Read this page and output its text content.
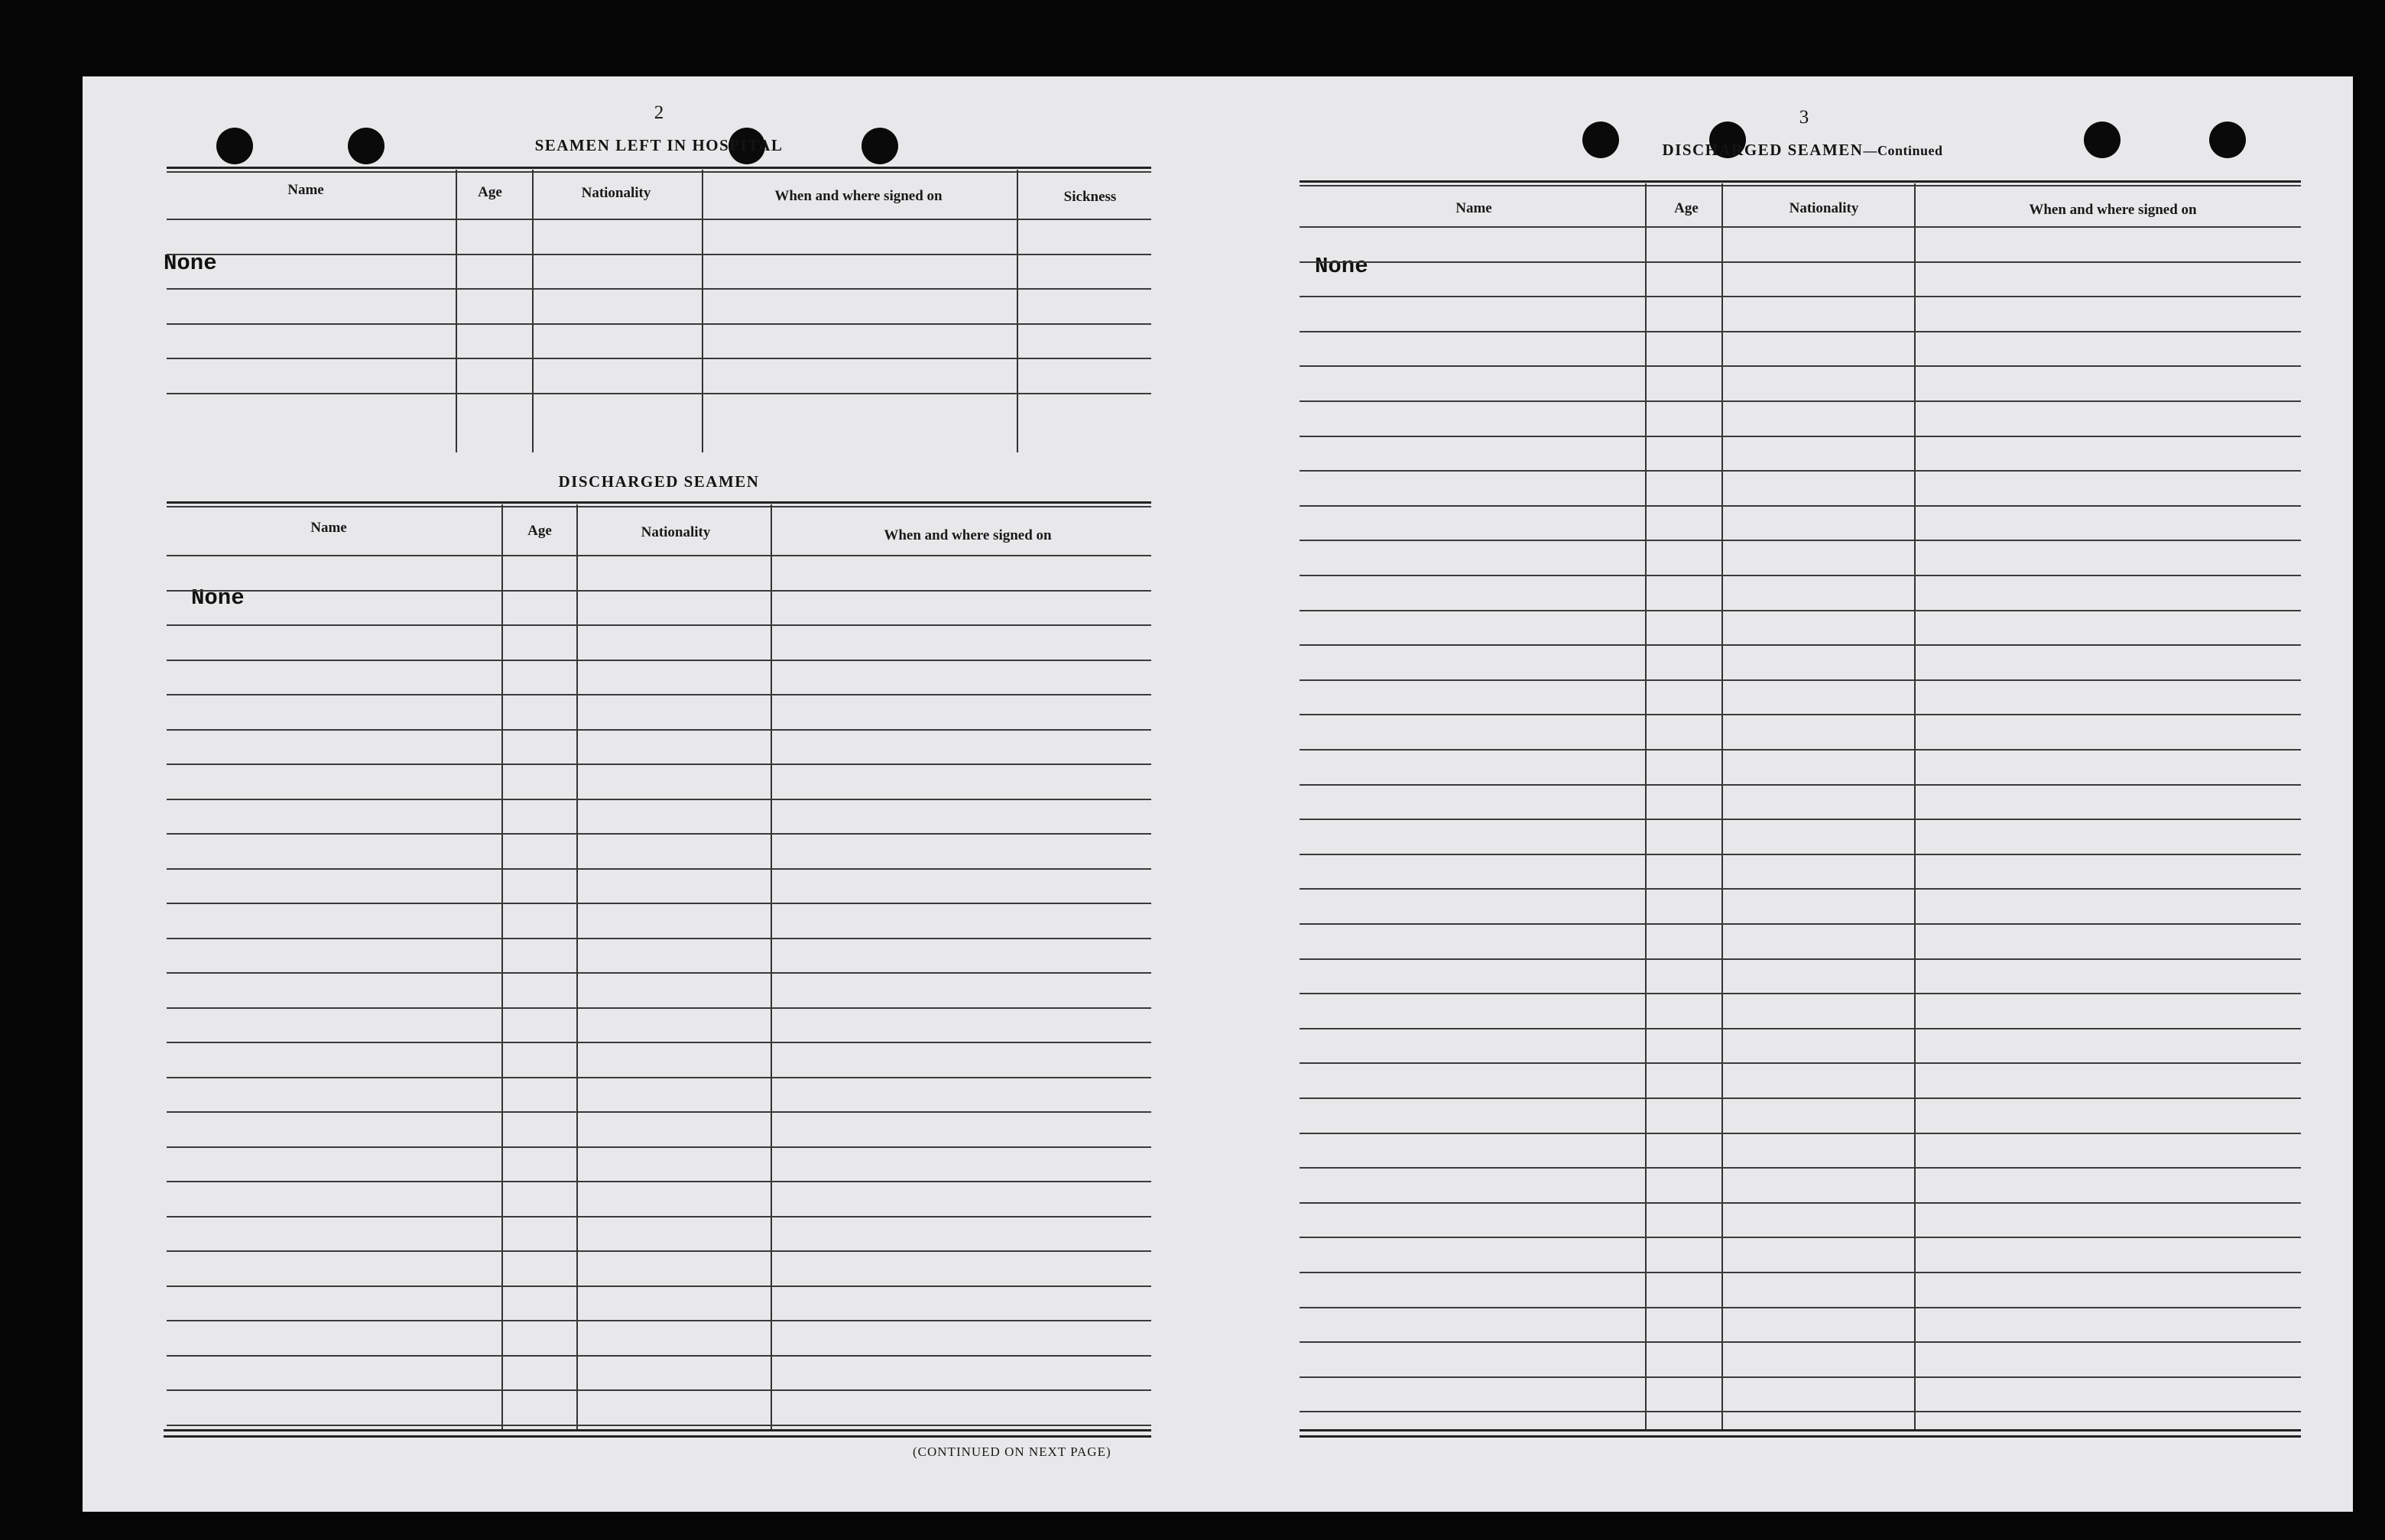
2
SEAMEN LEFT IN HOSPITAL
Name	Age	Nationality	When and where signed on	Sickness
None
DISCHARGED SEAMEN
Name	Age	Nationality	When and where signed on
None
(CONTINUED ON NEXT PAGE)
3
DISCHARGED SEAMEN—Continued
Name	Age	Nationality	When and where signed on
None
